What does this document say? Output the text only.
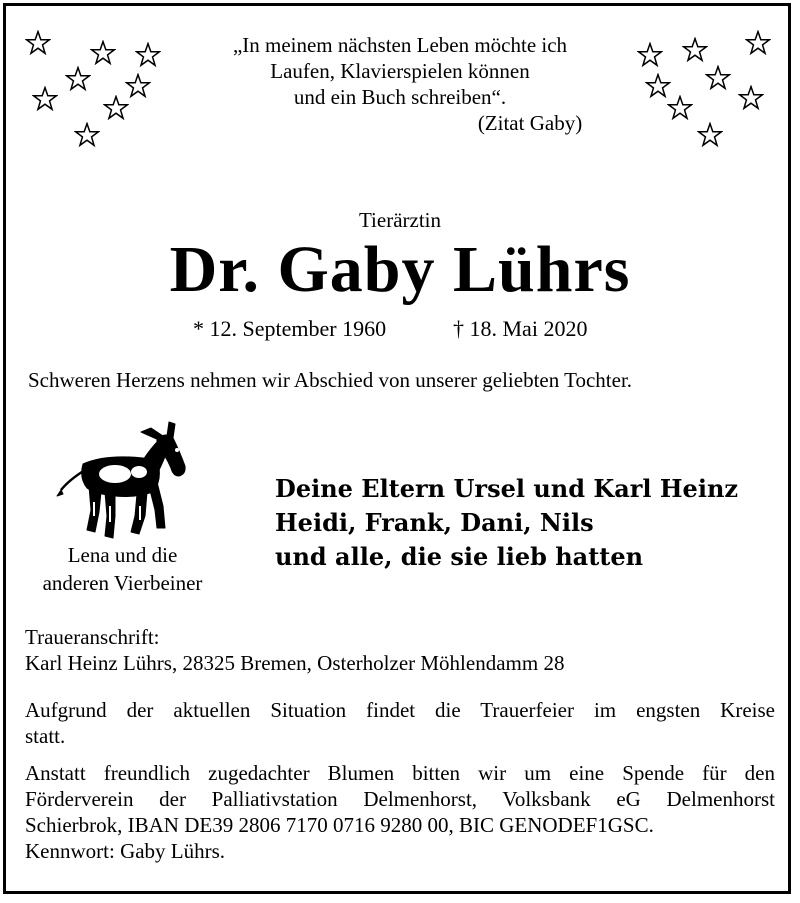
„In meinem nächsten Leben möchte ich
Laufen, Klavierspielen können
und ein Buch schreiben“.
(Zitat Gaby)
Tierärztin
Dr. Gaby Lührs
* 12. September 1960	† 18. Mai 2020
Schweren Herzens nehmen wir Abschied von unserer geliebten Tochter.
Lena und die
anderen Vierbeiner
Deine Eltern Ursel und Karl Heinz
Heidi, Frank, Dani, Nils
und alle, die sie lieb hatten
Traueranschrift:
Karl Heinz Lührs, 28325 Bremen, Osterholzer Möhlendamm 28
Aufgrund der aktuellen Situation findet die Trauerfeier im engsten Kreise
statt.
Anstatt freundlich zugedachter Blumen bitten wir um eine Spende für den
Förderverein der Palliativstation Delmenhorst, Volksbank eG Delmenhorst
Schierbrok, IBAN DE39 2806 7170 0716 9280 00, BIC GENODEF1GSC.
Kennwort: Gaby Lührs.
